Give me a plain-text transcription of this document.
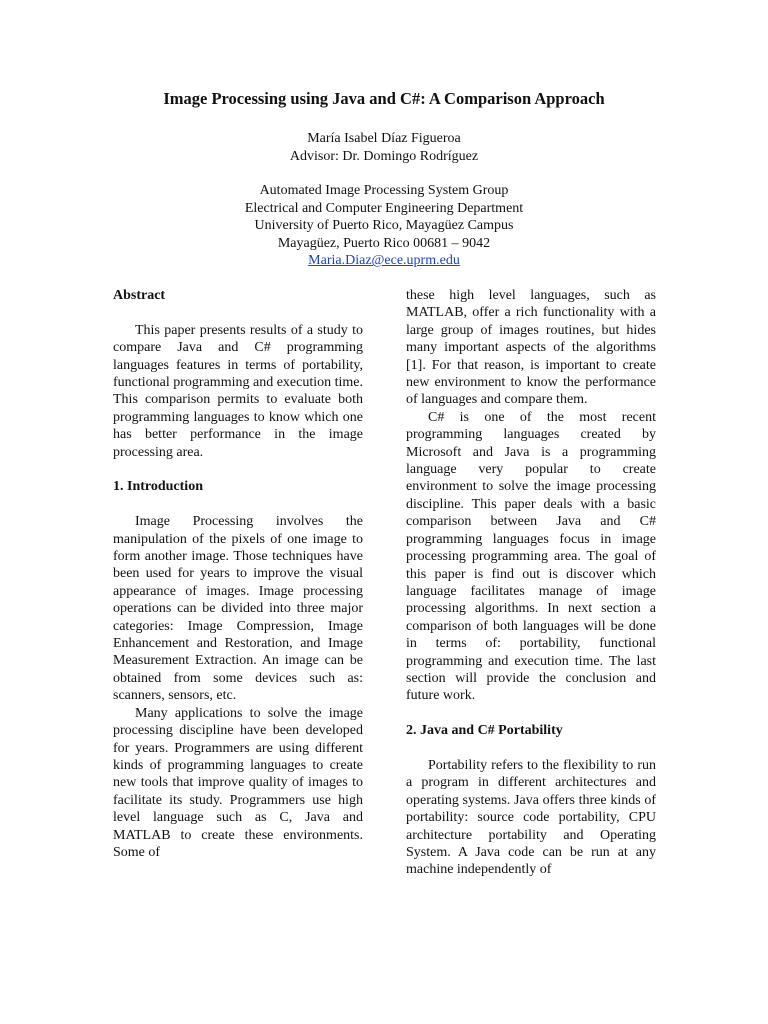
Image Processing using Java and C#: A Comparison Approach
María Isabel Díaz Figueroa
Advisor: Dr. Domingo Rodríguez
Automated Image Processing System Group
Electrical and Computer Engineering Department
University of Puerto Rico, Mayagüez Campus
Mayagüez, Puerto Rico 00681 – 9042
Maria.Diaz@ece.uprm.edu
Abstract

This paper presents results of a study to compare Java and C# programming languages features in terms of portability, functional programming and execution time. This comparison permits to evaluate both programming languages to know which one has better performance in the image processing area.

1. Introduction

Image Processing involves the manipulation of the pixels of one image to form another image. Those techniques have been used for years to improve the visual appearance of images. Image processing operations can be divided into three major categories: Image Compression, Image Enhancement and Restoration, and Image Measurement Extraction. An image can be obtained from some devices such as: scanners, sensors, etc.

Many applications to solve the image processing discipline have been developed for years. Programmers are using different kinds of programming languages to create new tools that improve quality of images to facilitate its study. Programmers use high level language such as C, Java and MATLAB to create these environments. Some of

these high level languages, such as MATLAB, offer a rich functionality with a large group of images routines, but hides many important aspects of the algorithms [1]. For that reason, is important to create new environment to know the performance of languages and compare them.

C# is one of the most recent programming languages created by Microsoft and Java is a programming language very popular to create environment to solve the image processing discipline. This paper deals with a basic comparison between Java and C# programming languages focus in image processing programming area. The goal of this paper is find out is discover which language facilitates manage of image processing algorithms. In next section a comparison of both languages will be done in terms of: portability, functional programming and execution time. The last section will provide the conclusion and future work.

2. Java and C# Portability

Portability refers to the flexibility to run a program in different architectures and operating systems. Java offers three kinds of portability: source code portability, CPU architecture portability and Operating System. A Java code can be run at any machine independently of
